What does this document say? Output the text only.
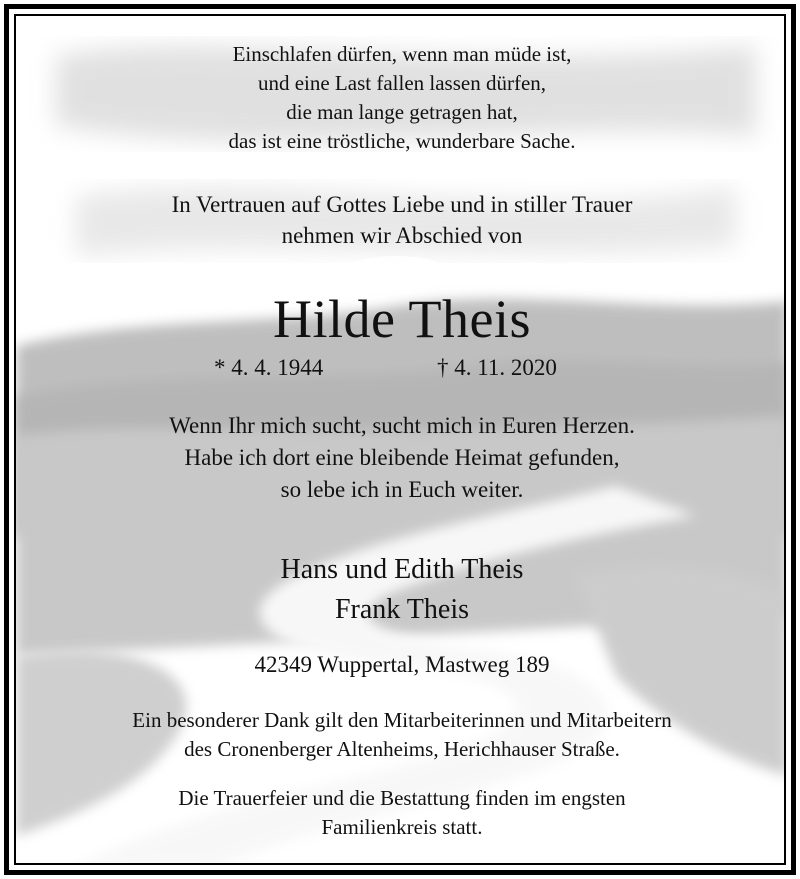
Einschlafen dürfen, wenn man müde ist,
und eine Last fallen lassen dürfen,
die man lange getragen hat,
das ist eine tröstliche, wunderbare Sache.
In Vertrauen auf Gottes Liebe und in stiller Trauer
nehmen wir Abschied von
Hilde Theis
* 4. 4. 1944	† 4. 11. 2020
Wenn Ihr mich sucht, sucht mich in Euren Herzen.
Habe ich dort eine bleibende Heimat gefunden,
so lebe ich in Euch weiter.
Hans und Edith Theis
Frank Theis
42349 Wuppertal, Mastweg 189
Ein besonderer Dank gilt den Mitarbeiterinnen und Mitarbeitern
des Cronenberger Altenheims, Herichhauser Straße.
Die Trauerfeier und die Bestattung finden im engsten
Familienkreis statt.
